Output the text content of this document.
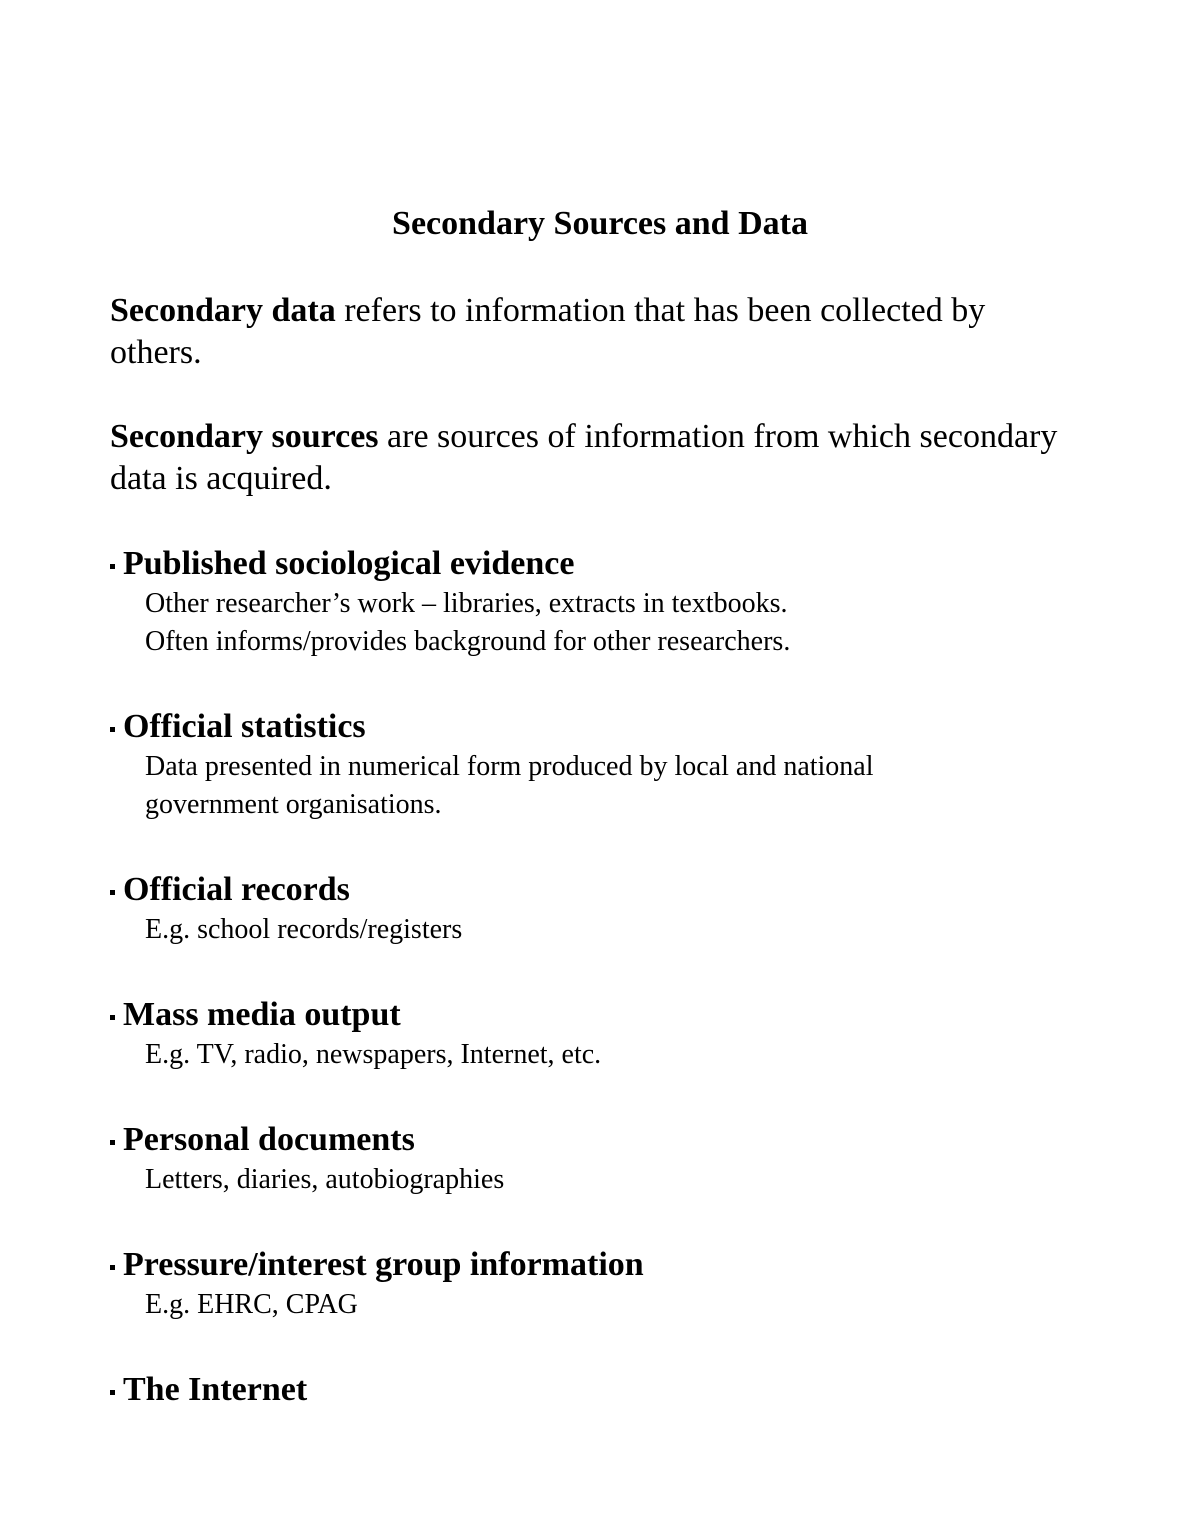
Secondary Sources and Data
Secondary data refers to information that has been collected by others.
Secondary sources are sources of information from which secondary data is acquired.
Published sociological evidence
Other researcher’s work – libraries, extracts in textbooks.
Often informs/provides background for other researchers.
Official statistics
Data presented in numerical form produced by local and national government organisations.
Official records
E.g. school records/registers
Mass media output
E.g. TV, radio, newspapers, Internet, etc.
Personal documents
Letters, diaries, autobiographies
Pressure/interest group information
E.g. EHRC, CPAG
The Internet
